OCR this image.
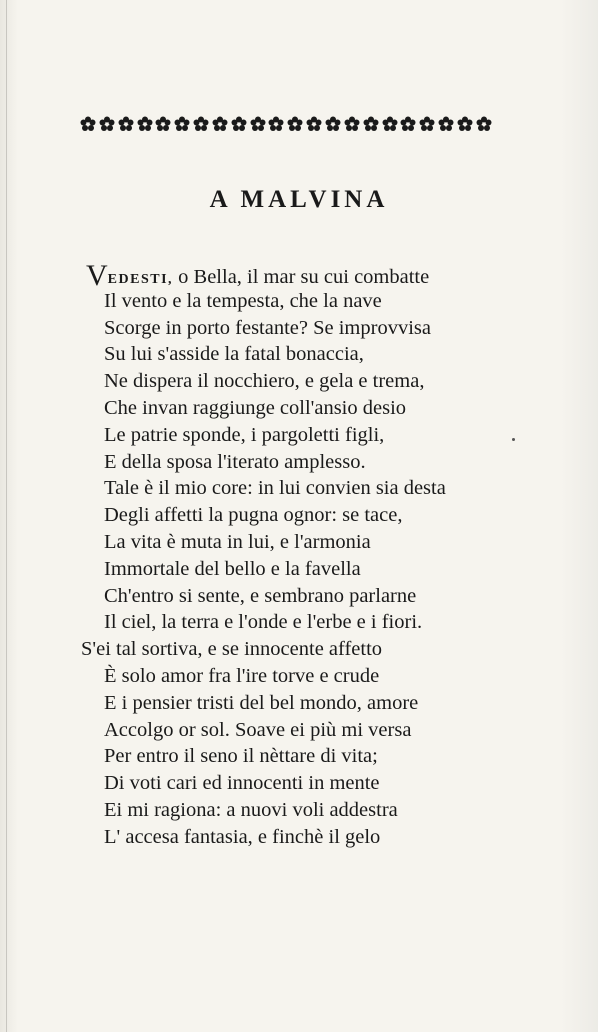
A MALVINA
VEDESTI, o Bella, il mar su cui combatte
Il vento e la tempesta, che la nave
Scorge in porto festante? Se improvvisa
Su lui s'asside la fatal bonaccia,
Ne dispera il nocchiero, e gela e trema,
Che invan raggiunge coll'ansio desio
Le patrie sponde, i pargoletti figli,
E della sposa l'iterato amplesso.
Tale è il mio core: in lui convien sia desta
Degli affetti la pugna ognor: se tace,
La vita è muta in lui, e l'armonia
Immortale del bello e la favella
Ch'entro si sente, e sembrano parlarne
Il ciel, la terra e l'onde e l'erbe e i fiori.
S'ei tal sortiva, e se innocente affetto
È solo amor fra l'ire torve e crude
E i pensier tristi del bel mondo, amore
Accolgo or sol. Soave ei più mi versa
Per entro il seno il nèttare di vita;
Di voti cari ed innocenti in mente
Ei mi ragiona: a nuovi voli addestra
L' accesa fantasia, e finchè il gelo
